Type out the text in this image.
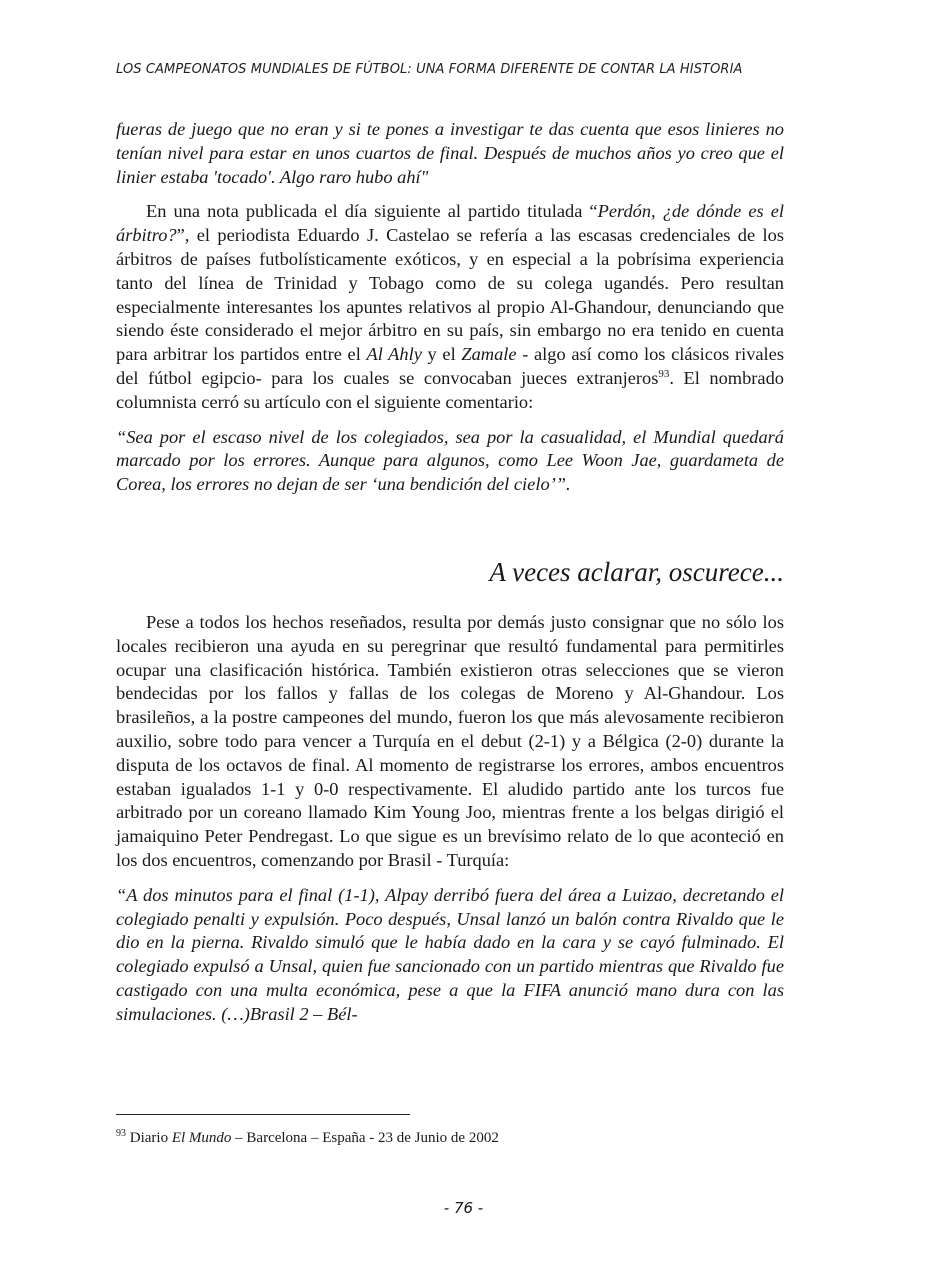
LOS CAMPEONATOS MUNDIALES DE FÚTBOL: UNA FORMA DIFERENTE DE CONTAR LA HISTORIA

fueras de juego que no eran y si te pones a investigar te das cuenta que esos linieres no tenían nivel para estar en unos cuartos de final. Después de muchos años yo creo que el linier estaba 'tocado'. Algo raro hubo ahí"

En una nota publicada el día siguiente al partido titulada “Perdón, ¿de dónde es el árbitro?”, el periodista Eduardo J. Castelao se refería a las escasas credenciales de los árbitros de países futbolísticamente exóticos, y en especial a la pobrísima experiencia tanto del línea de Trinidad y Tobago como de su colega ugandés. Pero resultan especialmente interesantes los apuntes relativos al propio Al-Ghandour, denunciando que siendo éste considerado el mejor árbitro en su país, sin embargo no era tenido en cuenta para arbitrar los partidos entre el Al Ahly y el Zamale - algo así como los clásicos rivales del fútbol egipcio- para los cuales se convocaban jueces extranjeros$^{93}$. El nombrado columnista cerró su artículo con el siguiente comentario:

“Sea por el escaso nivel de los colegiados, sea por la casualidad, el Mundial quedará marcado por los errores. Aunque para algunos, como Lee Woon Jae, guardameta de Corea, los errores no dejan de ser ‘una bendición del cielo’”.

A veces aclarar, oscurece...

Pese a todos los hechos reseñados, resulta por demás justo consignar que no sólo los locales recibieron una ayuda en su peregrinar que resultó fundamental para permitirles ocupar una clasificación histórica. También existieron otras selecciones que se vieron bendecidas por los fallos y fallas de los colegas de Moreno y Al-Ghandour. Los brasileños, a la postre campeones del mundo, fueron los que más alevosamente recibieron auxilio, sobre todo para vencer a Turquía en el debut (2-1) y a Bélgica (2-0) durante la disputa de los octavos de final. Al momento de registrarse los errores, ambos encuentros estaban igualados 1-1 y 0-0 respectivamente. El aludido partido ante los turcos fue arbitrado por un coreano llamado Kim Young Joo, mientras frente a los belgas dirigió el jamaiquino Peter Pendregast. Lo que sigue es un brevísimo relato de lo que aconteció en los dos encuentros, comenzando por Brasil - Turquía:

“A dos minutos para el final (1-1), Alpay derribó fuera del área a Luizao, decretando el colegiado penalti y expulsión. Poco después, Unsal lanzó un balón contra Rivaldo que le dio en la pierna. Rivaldo simuló que le había dado en la cara y se cayó fulminado. El colegiado expulsó a Unsal, quien fue sancionado con un partido mientras que Rivaldo fue castigado con una multa económica, pese a que la FIFA anunció mano dura con las simulaciones. (…)Brasil 2 – Bél-

$^{93}$ Diario El Mundo – Barcelona – España - 23 de Junio de 2002
- 76 -
